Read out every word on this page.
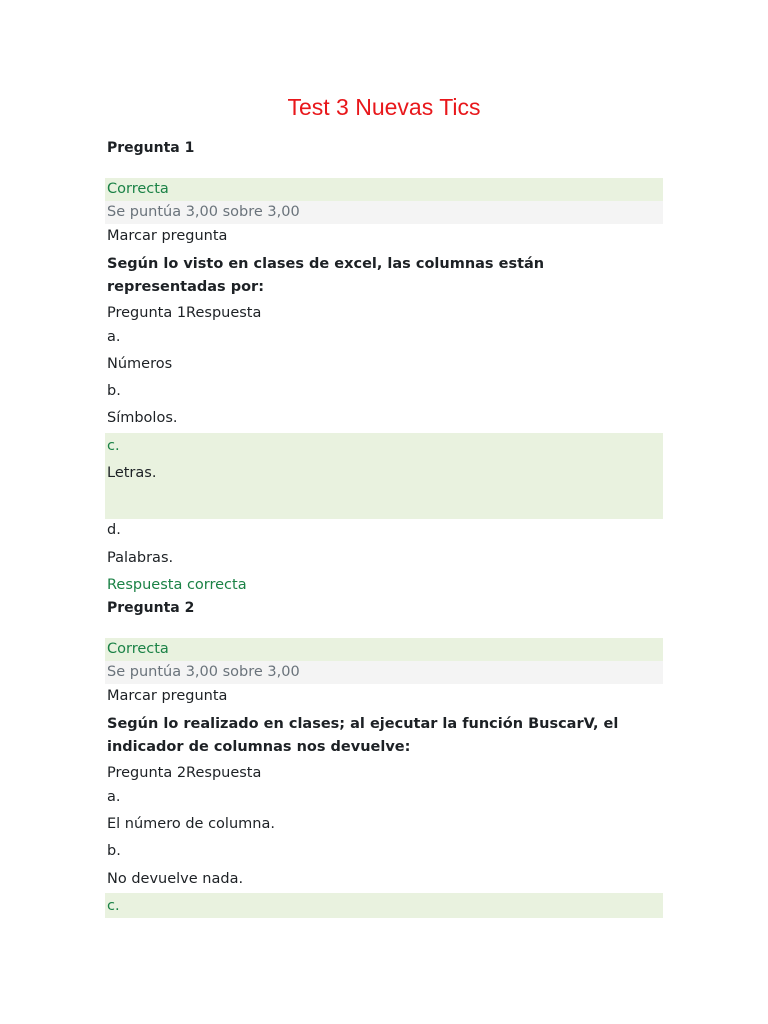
Test 3 Nuevas Tics
Pregunta 1
Correcta
Se puntúa 3,00 sobre 3,00
Marcar pregunta
Según lo visto en clases de excel, las columnas están representadas por:
Pregunta 1Respuesta
a.
Números
b.
Símbolos.
c.
Letras.
d.
Palabras.
Respuesta correcta
Pregunta 2
Correcta
Se puntúa 3,00 sobre 3,00
Marcar pregunta
Según lo realizado en clases; al ejecutar la función BuscarV, el indicador de columnas nos devuelve:
Pregunta 2Respuesta
a.
El número de columna.
b.
No devuelve nada.
c.
